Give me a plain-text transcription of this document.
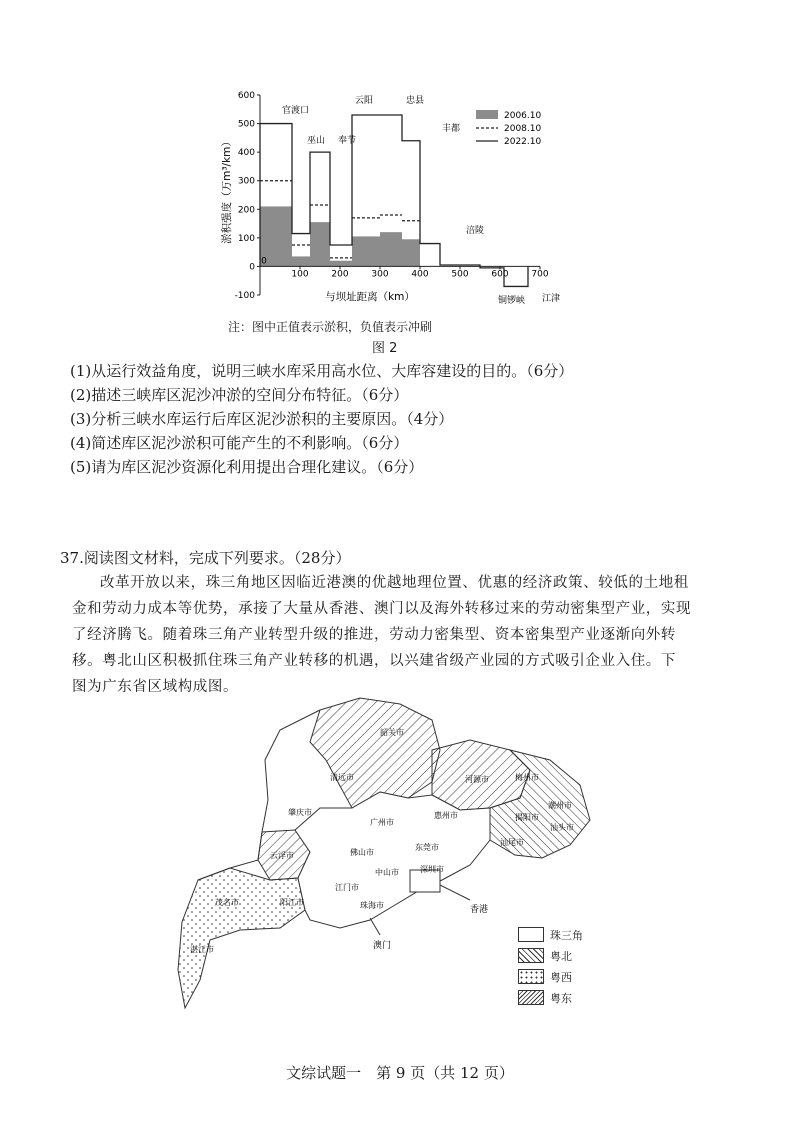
-100
0
100
200
300
400
500
600
0
100	200	300	400	500	600	700
官渡口
巫山 奉节
云阳	忠县
丰都
涪陵
铜锣峡 江津
淤积强度（万m³/km）
与坝址距离（km）
2006.10
2008.10
2022.10
注：图中正值表示淤积，负值表示冲刷
图 2
(1)从运行效益角度，说明三峡水库采用高水位、大库容建设的目的。（6分）
(2)描述三峡库区泥沙冲淤的空间分布特征。（6分）
(3)分析三峡水库运行后库区泥沙淤积的主要原因。（4分）
(4)简述库区泥沙淤积可能产生的不利影响。（6分）
(5)请为库区泥沙资源化利用提出合理化建议。（6分）
37.阅读图文材料，完成下列要求。（28分）
改革开放以来，珠三角地区因临近港澳的优越地理位置、优惠的经济政策、较低的土地租
金和劳动力成本等优势，承接了大量从香港、澳门以及海外转移过来的劳动密集型产业，实现
了经济腾飞。随着珠三角产业转型升级的推进，劳动力密集型、资本密集型产业逐渐向外转
移。粤北山区积极抓住珠三角产业转移的机遇，以兴建省级产业园的方式吸引企业入住。下
图为广东省区域构成图。
韶关市
清远市	河源市	梅州市
潮州市
汕头市
揭阳市
汕尾市
惠州市
广州市
肇庆市
云浮市	佛山市
东莞市
深圳市
中山市
江门市
珠海市
阳江市
茂名市
湛江市
香港
澳门
珠三角
粤北
粤西
粤东
文综试题一　第 9 页（共 12 页）
